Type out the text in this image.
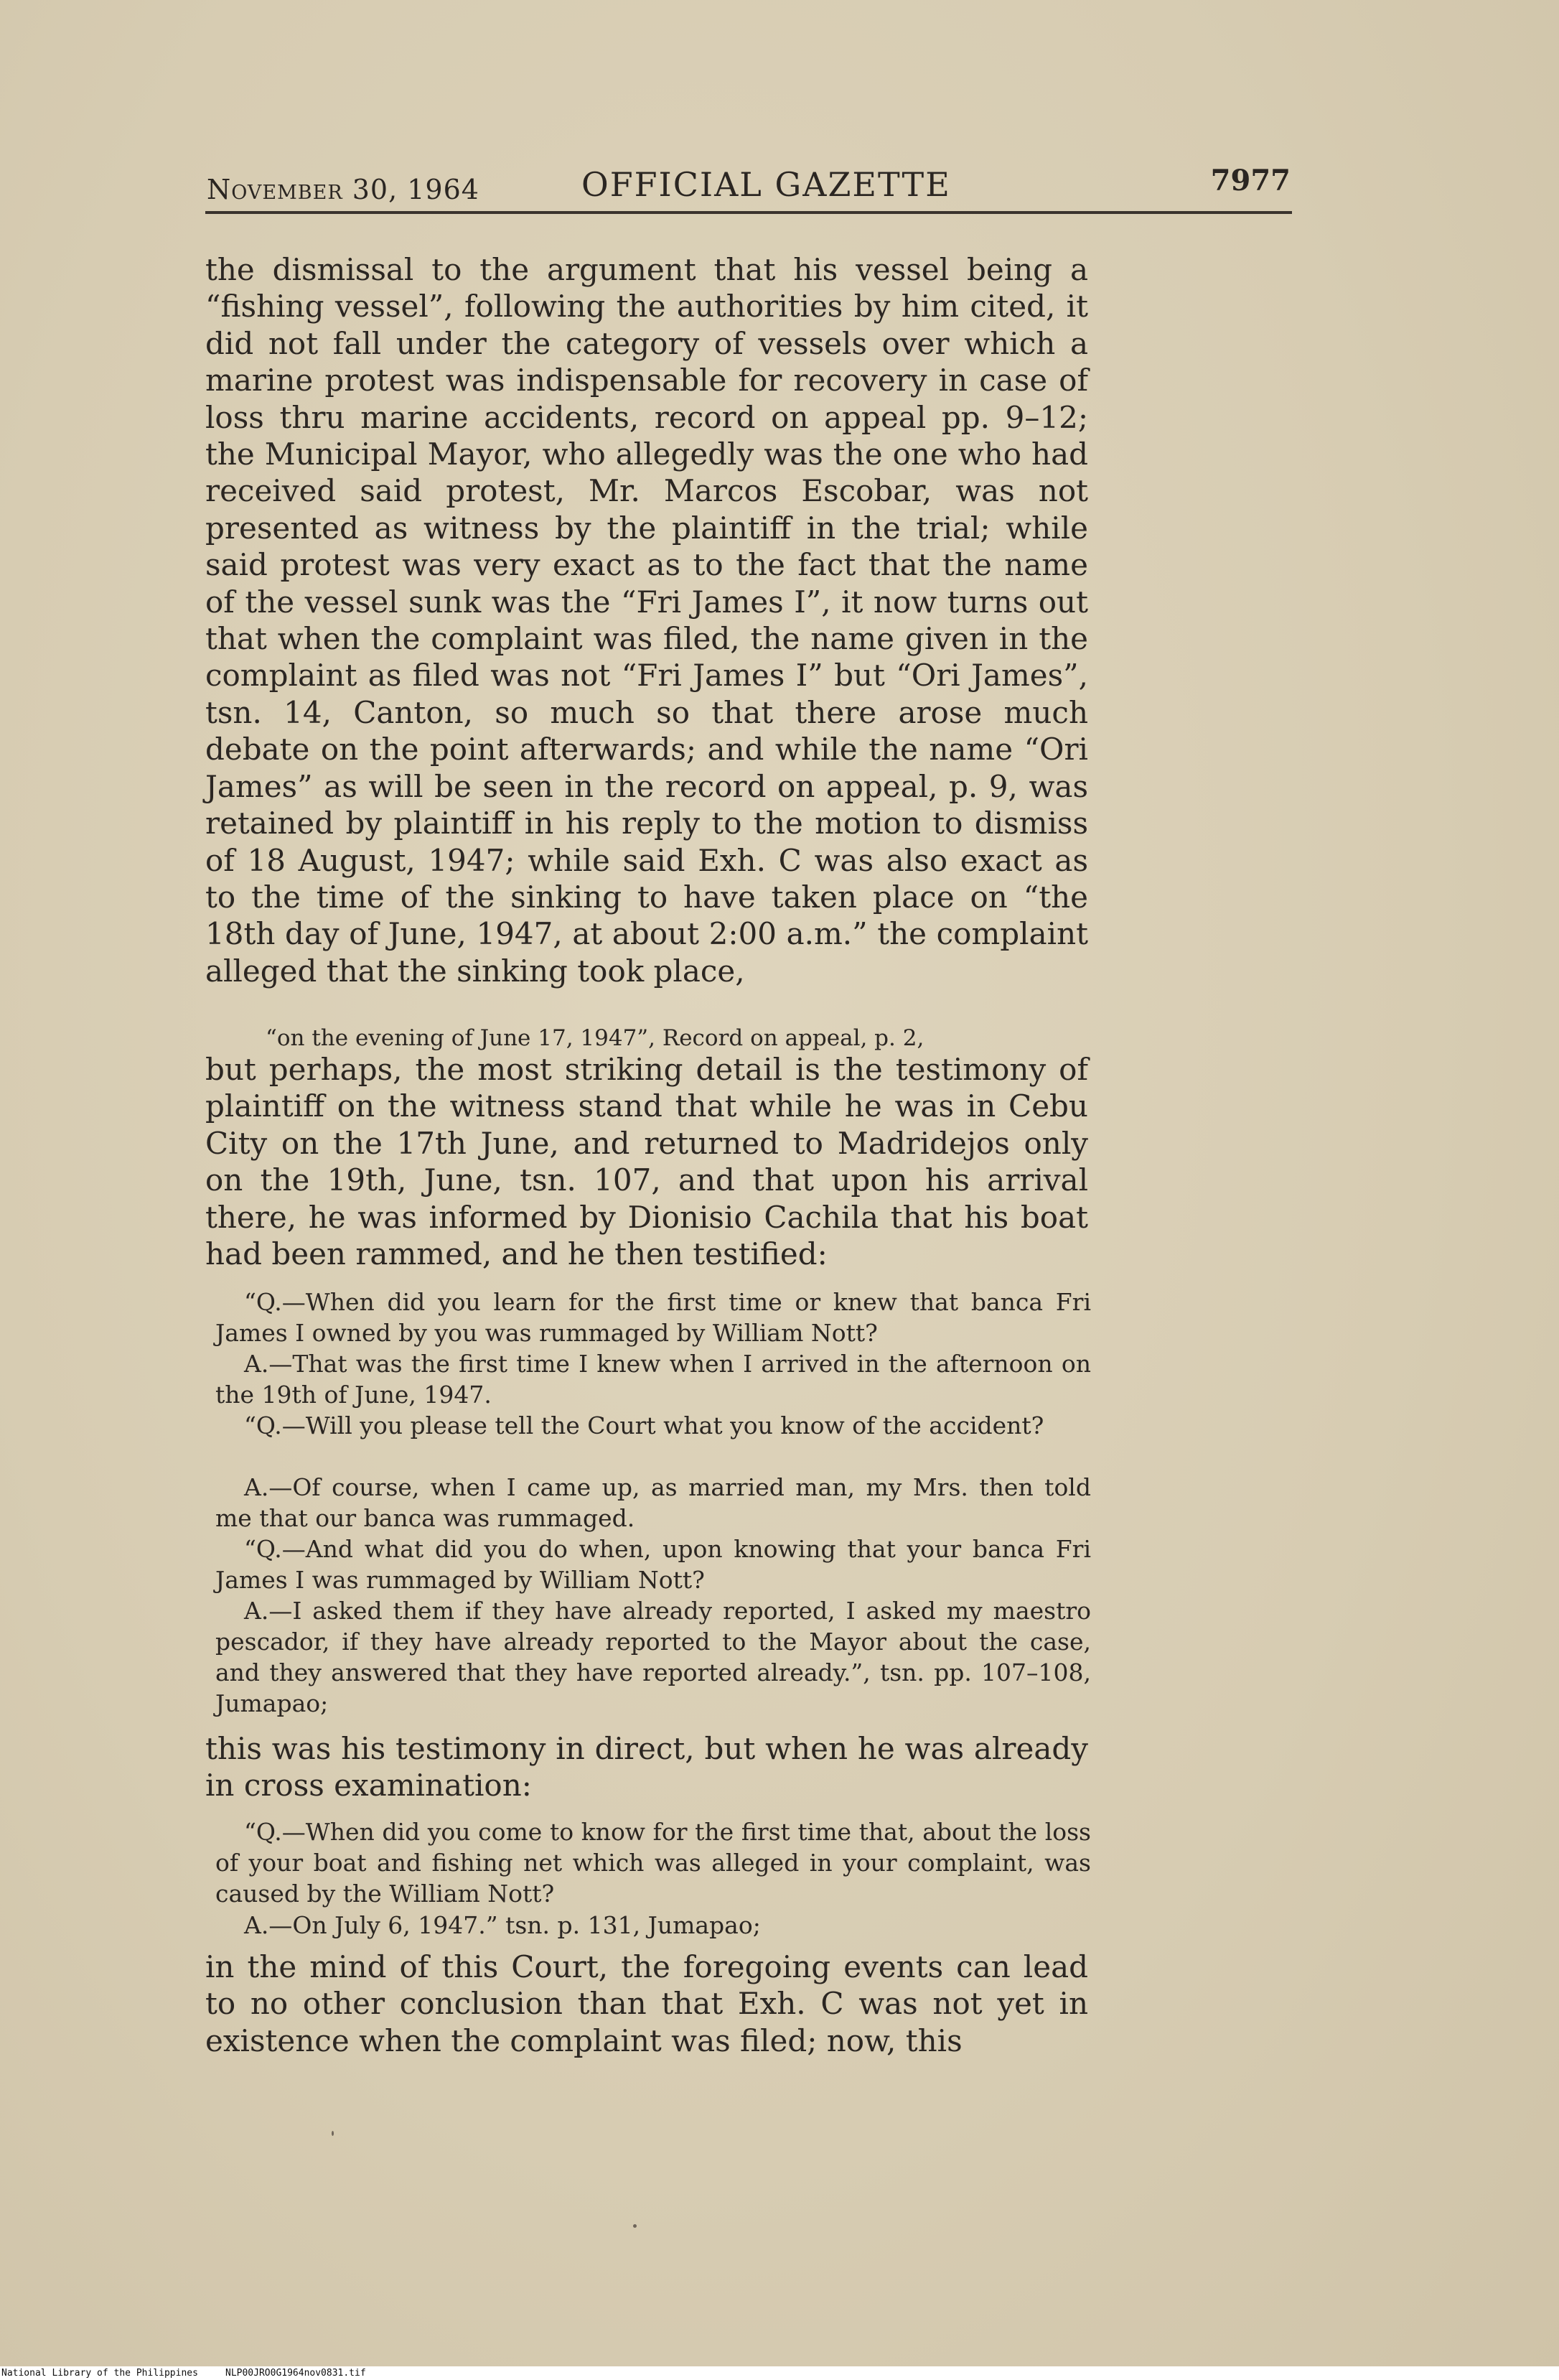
November 30, 1964	OFFICIAL GAZETTE	7977

the dismissal to the argument that his vessel being a “fishing vessel”, following the authorities by him cited, it did not fall under the category of vessels over which a marine protest was indispensable for recovery in case of loss thru marine accidents, record on appeal pp. 9–12; the Municipal Mayor, who allegedly was the one who had received said protest, Mr. Marcos Escobar, was not presented as witness by the plaintiff in the trial; while said protest was very exact as to the fact that the name of the vessel sunk was the “Fri James I”, it now turns out that when the complaint was filed, the name given in the complaint as filed was not “Fri James I” but “Ori James”, tsn. 14, Canton, so much so that there arose much debate on the point afterwards; and while the name “Ori James” as will be seen in the record on appeal, p. 9, was retained by plaintiff in his reply to the motion to dismiss of 18 August, 1947; while said Exh. C was also exact as to the time of the sinking to have taken place on “the 18th day of June, 1947, at about 2:00 a.m.” the complaint alleged that the sinking took place,

“on the evening of June 17, 1947”, Record on appeal, p. 2,

but perhaps, the most striking detail is the testimony of plaintiff on the witness stand that while he was in Cebu City on the 17th June, and returned to Madridejos only on the 19th, June, tsn. 107, and that upon his arrival there, he was informed by Dionisio Cachila that his boat had been rammed, and he then testified:

“Q.—When did you learn for the first time or knew that banca Fri James I owned by you was rummaged by William Nott?

A.—That was the first time I knew when I arrived in the afternoon on the 19th of June, 1947.

“Q.—Will you please tell the Court what you know of the accident?

A.—Of course, when I came up, as married man, my Mrs. then told me that our banca was rummaged.

“Q.—And what did you do when, upon knowing that your banca Fri James I was rummaged by William Nott?

A.—I asked them if they have already reported, I asked my maestro pescador, if they have already reported to the Mayor about the case, and they answered that they have reported already.”, tsn. pp. 107–108, Jumapao;

this was his testimony in direct, but when he was already in cross examination:

“Q.—When did you come to know for the first time that, about the loss of your boat and fishing net which was alleged in your complaint, was caused by the William Nott?

A.—On July 6, 1947.” tsn. p. 131, Jumapao;

in the mind of this Court, the foregoing events can lead to no other conclusion than that Exh. C was not yet in existence when the complaint was filed; now, this

National Library of the Philippines	NLP00JRO0G1964nov0831.tif
